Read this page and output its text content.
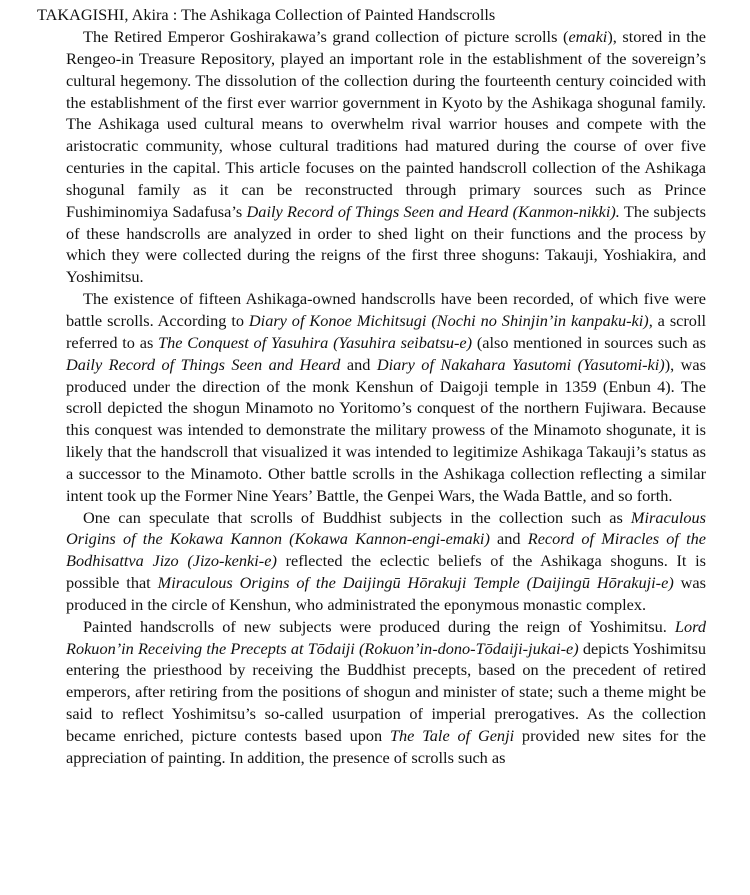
TAKAGISHI, Akira : The Ashikaga Collection of Painted Handscrolls

The Retired Emperor Goshirakawa’s grand collection of picture scrolls (emaki), stored in the Rengeo-in Treasure Repository, played an important role in the establishment of the sovereign’s cultural hegemony. The dissolution of the collection during the fourteenth century coincided with the establishment of the first ever warrior government in Kyoto by the Ashikaga shogunal family. The Ashikaga used cultural means to overwhelm rival warrior houses and compete with the aristocratic community, whose cultural traditions had matured during the course of over five centuries in the capital. This article focuses on the painted handscroll collection of the Ashikaga shogunal family as it can be reconstructed through primary sources such as Prince Fushiminomiya Sadafusa’s Daily Record of Things Seen and Heard (Kanmon-nikki). The subjects of these handscrolls are analyzed in order to shed light on their functions and the process by which they were collected during the reigns of the first three shoguns: Takauji, Yoshiakira, and Yoshimitsu.

The existence of fifteen Ashikaga-owned handscrolls have been recorded, of which five were battle scrolls. According to Diary of Konoe Michitsugi (Nochi no Shinjin’in kanpaku-ki), a scroll referred to as The Conquest of Yasuhira (Yasuhira seibatsu-e) (also mentioned in sources such as Daily Record of Things Seen and Heard and Diary of Nakahara Yasutomi (Yasutomi-ki)), was produced under the direction of the monk Kenshun of Daigoji temple in 1359 (Enbun 4). The scroll depicted the shogun Minamoto no Yoritomo’s conquest of the northern Fujiwara. Because this conquest was intended to demonstrate the military prowess of the Minamoto shogunate, it is likely that the handscroll that visualized it was intended to legitimize Ashikaga Takauji’s status as a successor to the Minamoto. Other battle scrolls in the Ashikaga collection reflecting a similar intent took up the Former Nine Years’ Battle, the Genpei Wars, the Wada Battle, and so forth.

One can speculate that scrolls of Buddhist subjects in the collection such as Miraculous Origins of the Kokawa Kannon (Kokawa Kannon-engi-emaki) and Record of Miracles of the Bodhisattva Jizo (Jizo-kenki-e) reflected the eclectic beliefs of the Ashikaga shoguns. It is possible that Miraculous Origins of the Daijingū Hōrakuji Temple (Daijingū Hōrakuji-e) was produced in the circle of Kenshun, who administrated the eponymous monastic complex.

Painted handscrolls of new subjects were produced during the reign of Yoshimitsu. Lord Rokuon’in Receiving the Precepts at Tōdaiji (Rokuon’in-dono-Tōdaiji-jukai-e) depicts Yoshimitsu entering the priesthood by receiving the Buddhist precepts, based on the precedent of retired emperors, after retiring from the positions of shogun and minister of state; such a theme might be said to reflect Yoshimitsu’s so-called usurpation of imperial prerogatives. As the collection became enriched, picture contests based upon The Tale of Genji provided new sites for the appreciation of painting. In addition, the presence of scrolls such as
